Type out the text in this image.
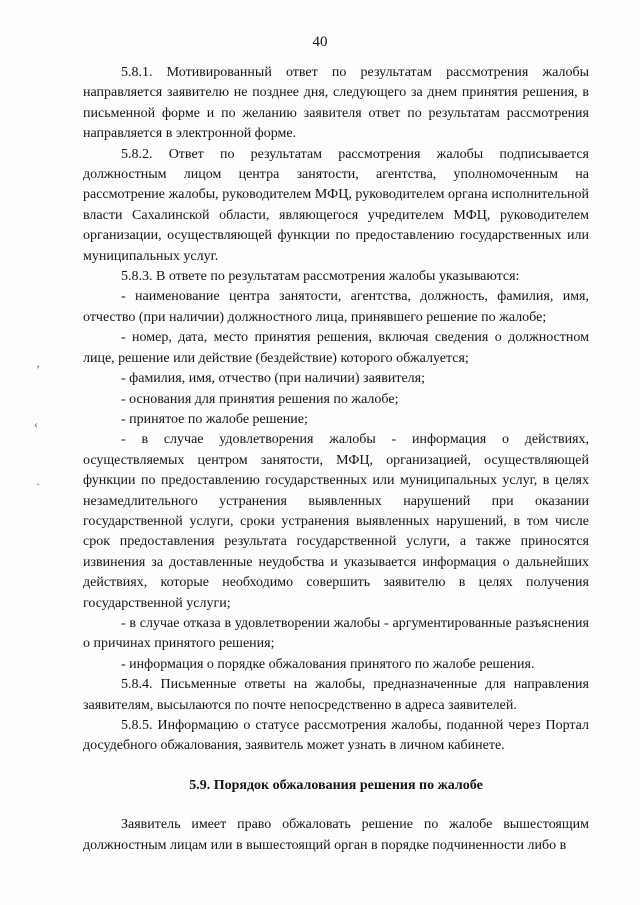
40
’
‹
·

5.8.1. Мотивированный ответ по результатам рассмотрения жалобы направляется заявителю не позднее дня, следующего за днем принятия решения, в письменной форме и по желанию заявителя ответ по результатам рассмотрения направляется в электронной форме.

5.8.2. Ответ по результатам рассмотрения жалобы подписывается должностным лицом центра занятости, агентства, уполномоченным на рассмотрение жалобы, руководителем МФЦ, руководителем органа исполнительной власти Сахалинской области, являющегося учредителем МФЦ, руководителем организации, осуществляющей функции по предоставлению государственных или муниципальных услуг.

5.8.3. В ответе по результатам рассмотрения жалобы указываются:

- наименование центра занятости, агентства, должность, фамилия, имя, отчество (при наличии) должностного лица, принявшего решение по жалобе;

- номер, дата, место принятия решения, включая сведения о должностном лице, решение или действие (бездействие) которого обжалуется;

- фамилия, имя, отчество (при наличии) заявителя;

- основания для принятия решения по жалобе;

- принятое по жалобе решение;

- в случае удовлетворения жалобы - информация о действиях, осуществляемых центром занятости, МФЦ, организацией, осуществляющей функции по предоставлению государственных или муниципальных услуг, в целях незамедлительного устранения выявленных нарушений при оказании государственной услуги, сроки устранения выявленных нарушений, в том числе срок предоставления результата государственной услуги, а также приносятся извинения за доставленные неудобства и указывается информация о дальнейших действиях, которые необходимо совершить заявителю в целях получения государственной услуги;

- в случае отказа в удовлетворении жалобы - аргументированные разъяснения о причинах принятого решения;

- информация о порядке обжалования принятого по жалобе решения.

5.8.4. Письменные ответы на жалобы, предназначенные для направления заявителям, высылаются по почте непосредственно в адреса заявителей.

5.8.5. Информацию о статусе рассмотрения жалобы, поданной через Портал досудебного обжалования, заявитель может узнать в личном кабинете.

5.9. Порядок обжалования решения по жалобе

Заявитель имеет право обжаловать решение по жалобе вышестоящим должностным лицам или в вышестоящий орган в порядке подчиненности либо в
